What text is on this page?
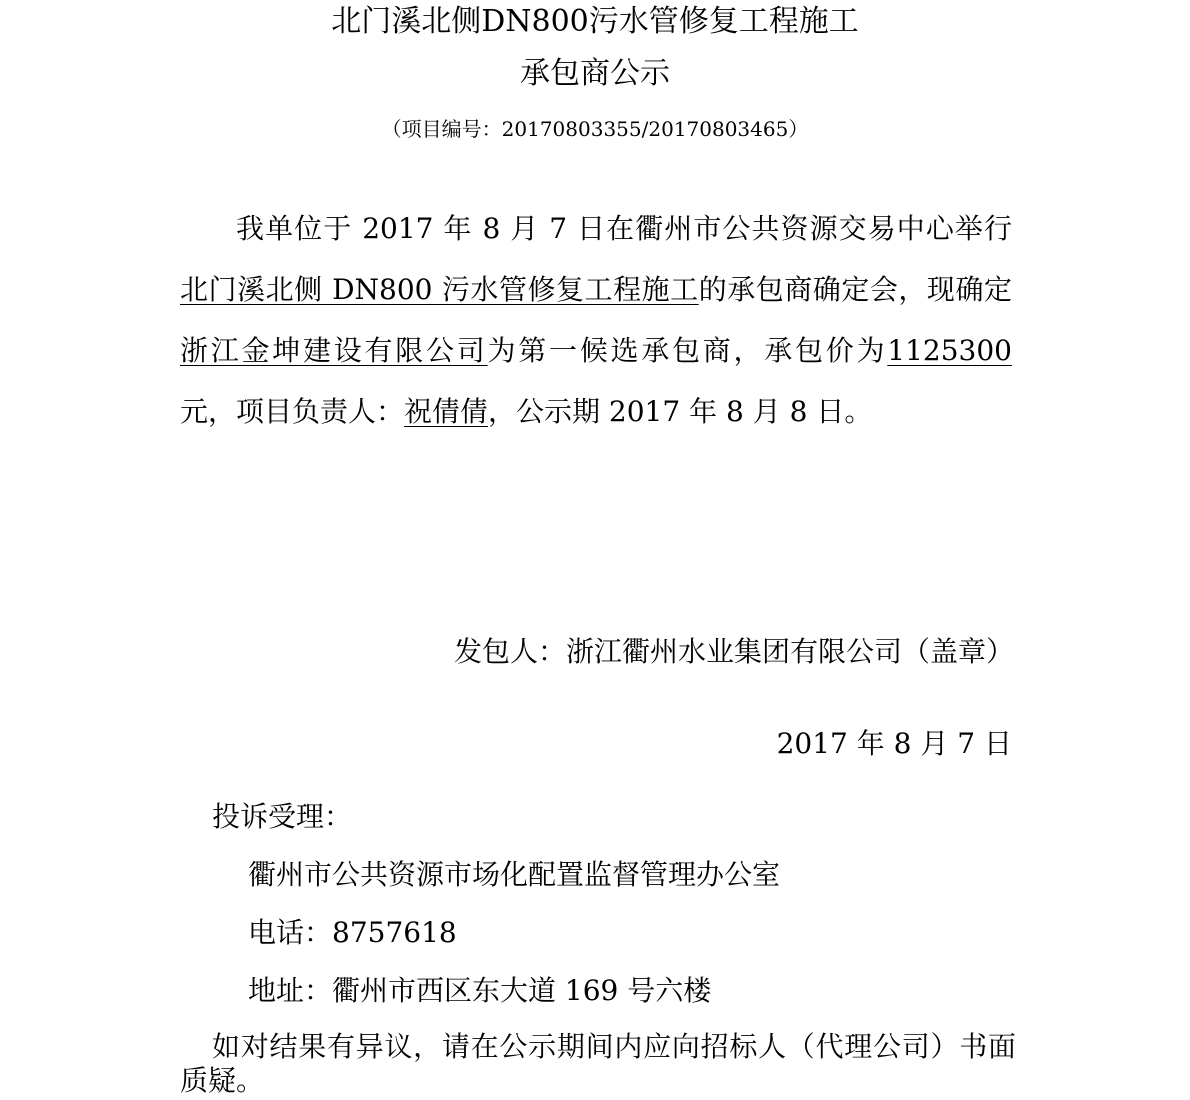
北门溪北侧DN800污水管修复工程施工
承包商公示
（项目编号：20170803355/20170803465）

我单位于 2017 年 8 月 7 日在衢州市公共资源交易中心举行北门溪北侧 DN800 污水管修复工程施工的承包商确定会，现确定浙江金坤建设有限公司为第一候选承包商，承包价为1125300 元，项目负责人：祝倩倩，公示期 2017 年 8 月 8 日。

发包人：浙江衢州水业集团有限公司（盖章）
2017 年 8 月 7 日
投诉受理：
衢州市公共资源市场化配置监督管理办公室
电话：8757618
地址：衢州市西区东大道 169 号六楼

如对结果有异议，请在公示期间内应向招标人（代理公司）书面质疑。
